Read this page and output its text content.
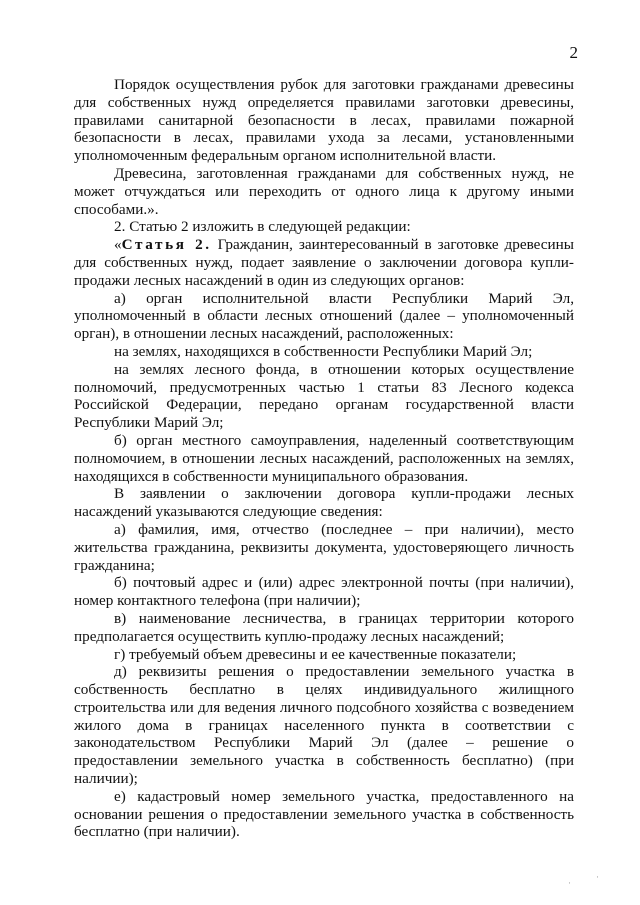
2

Порядок осуществления рубок для заготовки гражданами древесины для собственных нужд определяется правилами заготовки древесины, правилами санитарной безопасности в лесах, правилами пожарной безопасности в лесах, правилами ухода за лесами, установленными уполномоченным федеральным органом исполнительной власти.

Древесина, заготовленная гражданами для собственных нужд, не может отчуждаться или переходить от одного лица к другому иными способами.».

2. Статью 2 изложить в следующей редакции:

«Статья 2. Гражданин, заинтересованный в заготовке древесины для собственных нужд, подает заявление о заключении договора купли-продажи лесных насаждений в один из следующих органов:

а) орган исполнительной власти Республики Марий Эл, уполномоченный в области лесных отношений (далее – уполномоченный орган), в отношении лесных насаждений, расположенных:

на землях, находящихся в собственности Республики Марий Эл;

на землях лесного фонда, в отношении которых осуществление полномочий, предусмотренных частью 1 статьи 83 Лесного кодекса Российской Федерации, передано органам государственной власти Республики Марий Эл;

б) орган местного самоуправления, наделенный соответствующим полномочием, в отношении лесных насаждений, расположенных на землях, находящихся в собственности муниципального образования.

В заявлении о заключении договора купли-продажи лесных насаждений указываются следующие сведения:

а) фамилия, имя, отчество (последнее – при наличии), место жительства гражданина, реквизиты документа, удостоверяющего личность гражданина;

б) почтовый адрес и (или) адрес электронной почты (при наличии), номер контактного телефона (при наличии);

в) наименование лесничества, в границах территории которого предполагается осуществить куплю-продажу лесных насаждений;

г) требуемый объем древесины и ее качественные показатели;

д) реквизиты решения о предоставлении земельного участка в собственность бесплатно в целях индивидуального жилищного строительства или для ведения личного подсобного хозяйства с возведением жилого дома в границах населенного пункта в соответствии с законодательством Республики Марий Эл (далее – решение о предоставлении земельного участка в собственность бесплатно) (при наличии);

е) кадастровый номер земельного участка, предоставленного на основании решения о предоставлении земельного участка в собственность бесплатно (при наличии).

·
·
